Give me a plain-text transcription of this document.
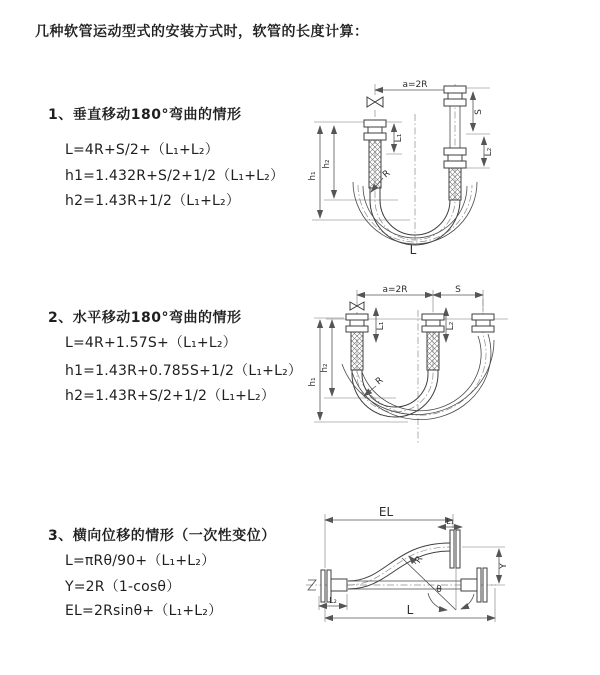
几种软管运动型式的安装方式时，软管的长度计算：
1、垂直移动180°弯曲的情形
L=4R+S/2+（L₁+L₂）
h1=1.432R+S/2+1/2（L₁+L₂）
h2=1.43R+1/2（L₁+L₂）
2、水平移动180°弯曲的情形
L=4R+1.57S+（L₁+L₂）
h1=1.43R+0.785S+1/2（L₁+L₂）
h2=1.43R+S/2+1/2（L₁+L₂）
3、横向位移的情形（一次性变位）
L=πRθ/90+（L₁+L₂）
Y=2R（1-cosθ）
EL=2Rsinθ+（L₁+L₂）
a=2R
L₁
S
L₂
h₂
h₁	R
L
a=2R	S
L₁	L₂
h₂
h₁	R
EL
L₁
Y
θ
R
L
L₂
